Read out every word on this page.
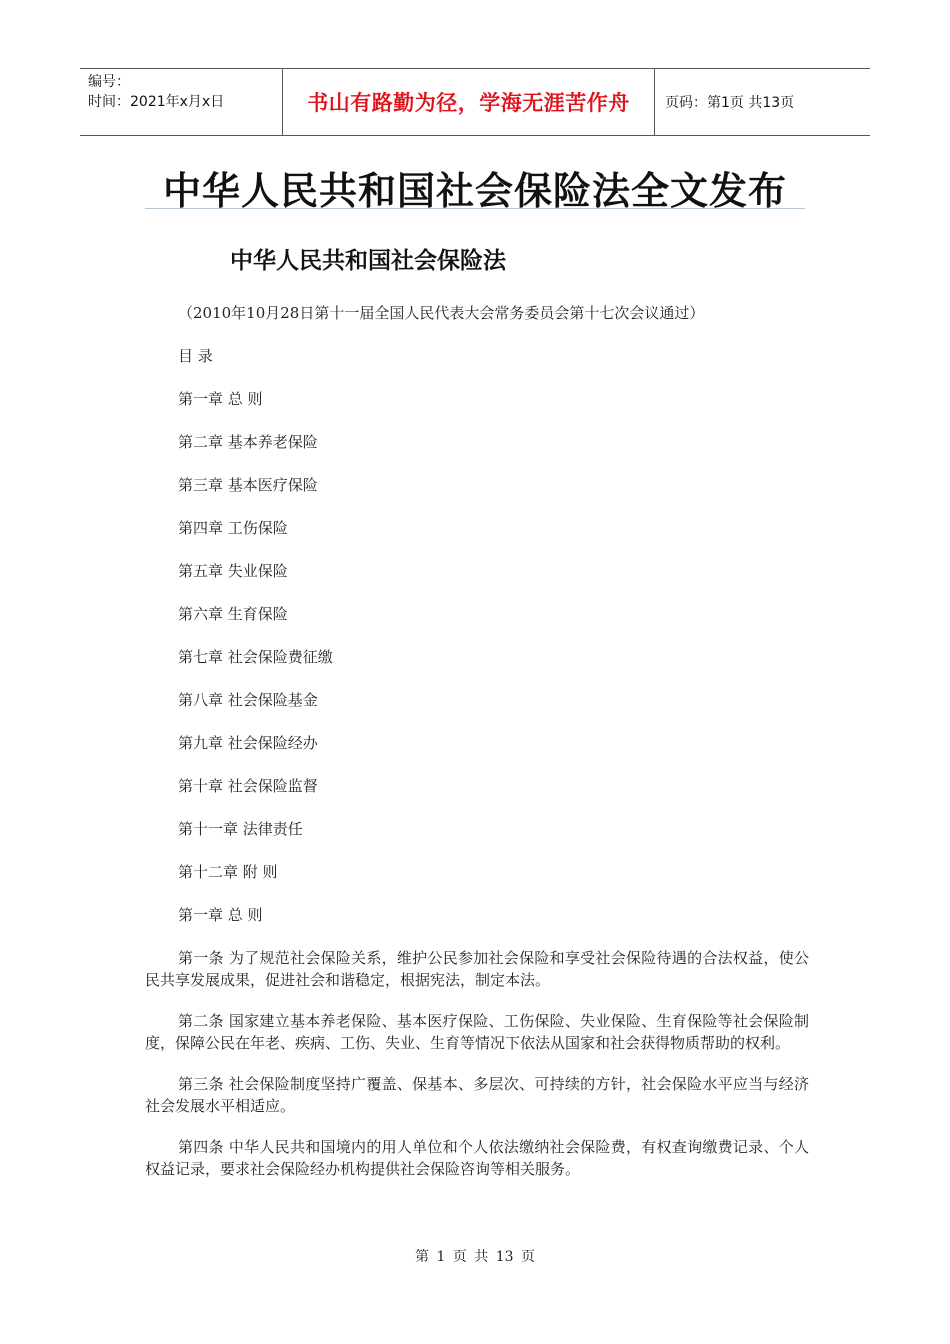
编号：
时间：2021年x月x日	书山有路勤为径，学海无涯苦作舟	页码：第1页 共13页
中华人民共和国社会保险法全文发布
中华人民共和国社会保险法
（2010年10月28日第十一届全国人民代表大会常务委员会第十七次会议通过）
目 录
第一章 总 则
第二章 基本养老保险
第三章 基本医疗保险
第四章 工伤保险
第五章 失业保险
第六章 生育保险
第七章 社会保险费征缴
第八章 社会保险基金
第九章 社会保险经办
第十章 社会保险监督
第十一章 法律责任
第十二章 附 则
第一章 总 则
第一条 为了规范社会保险关系，维护公民参加社会保险和享受社会保险待遇的合法权益，使公民共享发展成果，促进社会和谐稳定，根据宪法，制定本法。
第二条 国家建立基本养老保险、基本医疗保险、工伤保险、失业保险、生育保险等社会保险制度，保障公民在年老、疾病、工伤、失业、生育等情况下依法从国家和社会获得物质帮助的权利。
第三条 社会保险制度坚持广覆盖、保基本、多层次、可持续的方针，社会保险水平应当与经济社会发展水平相适应。
第四条 中华人民共和国境内的用人单位和个人依法缴纳社会保险费，有权查询缴费记录、个人权益记录，要求社会保险经办机构提供社会保险咨询等相关服务。
第 1 页 共 13 页
